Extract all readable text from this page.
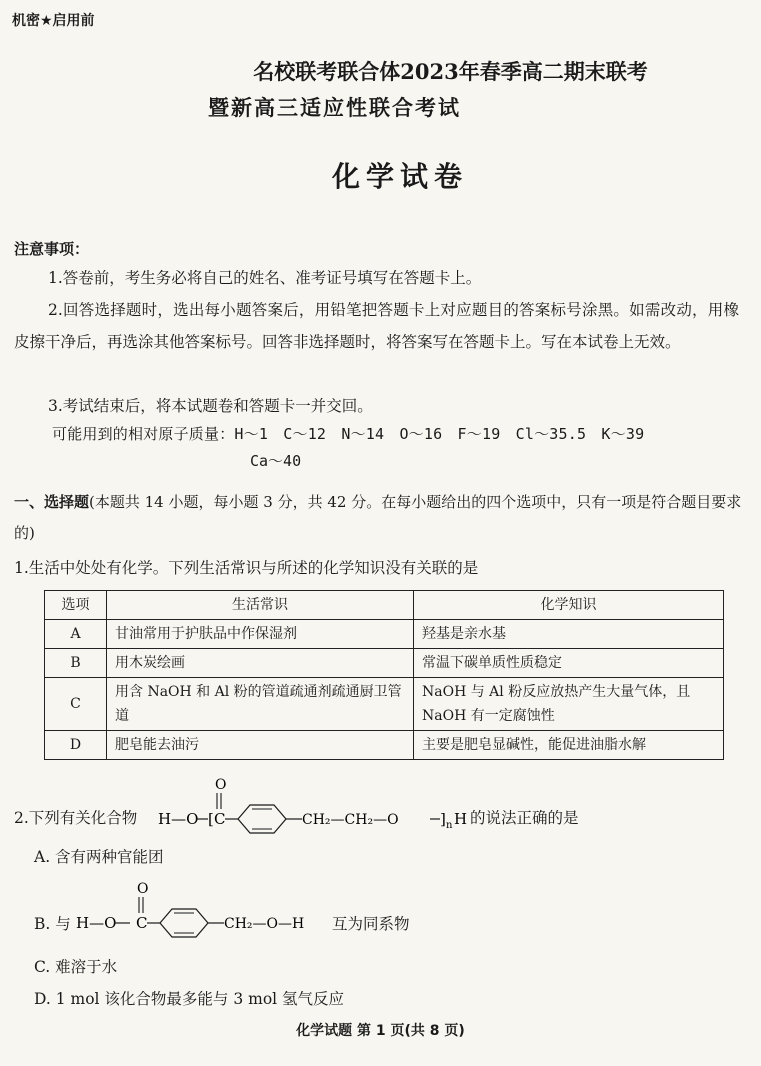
机密★启用前
名校联考联合体2023年春季高二期末联考
暨新高三适应性联合考试
化学试卷
注意事项：
1.答卷前，考生务必将自己的姓名、准考证号填写在答题卡上。
2.回答选择题时，选出每小题答案后，用铅笔把答题卡上对应题目的答案标号涂黑。如需改动，用橡皮擦干净后，再选涂其他答案标号。回答非选择题时，将答案写在答题卡上。写在本试卷上无效。
3.考试结束后，将本试题卷和答题卡一并交回。
可能用到的相对原子质量：H～1　C～12　N～14　O～16　F～19　Cl～35.5　K～39
Ca～40
一、选择题(本题共 14 小题，每小题 3 分，共 42 分。在每小题给出的四个选项中，只有一项是符合题目要求的)
1.生活中处处有化学。下列生活常识与所述的化学知识没有关联的是
选项	生活常识	化学知识
A	甘油常用于护肤品中作保湿剂	羟基是亲水基
B	用木炭绘画	常温下碳单质性质稳定
C	用含 NaOH 和 Al 粉的管道疏通剂疏通厨卫管道	NaOH 与 Al 粉反应放热产生大量气体，且NaOH 有一定腐蚀性
D	肥皂能去油污	主要是肥皂显碱性，能促进油脂水解
2.下列有关化合物 H—O [
O
C	CH₂—CH₂—O	] n H 的说法正确的是
A. 含有两种官能团
B. 与 H—O
O
C	CH₂—O—H 互为同系物
C. 难溶于水
D. 1 mol 该化合物最多能与 3 mol 氢气反应
化学试题 第 1 页(共 8 页)
